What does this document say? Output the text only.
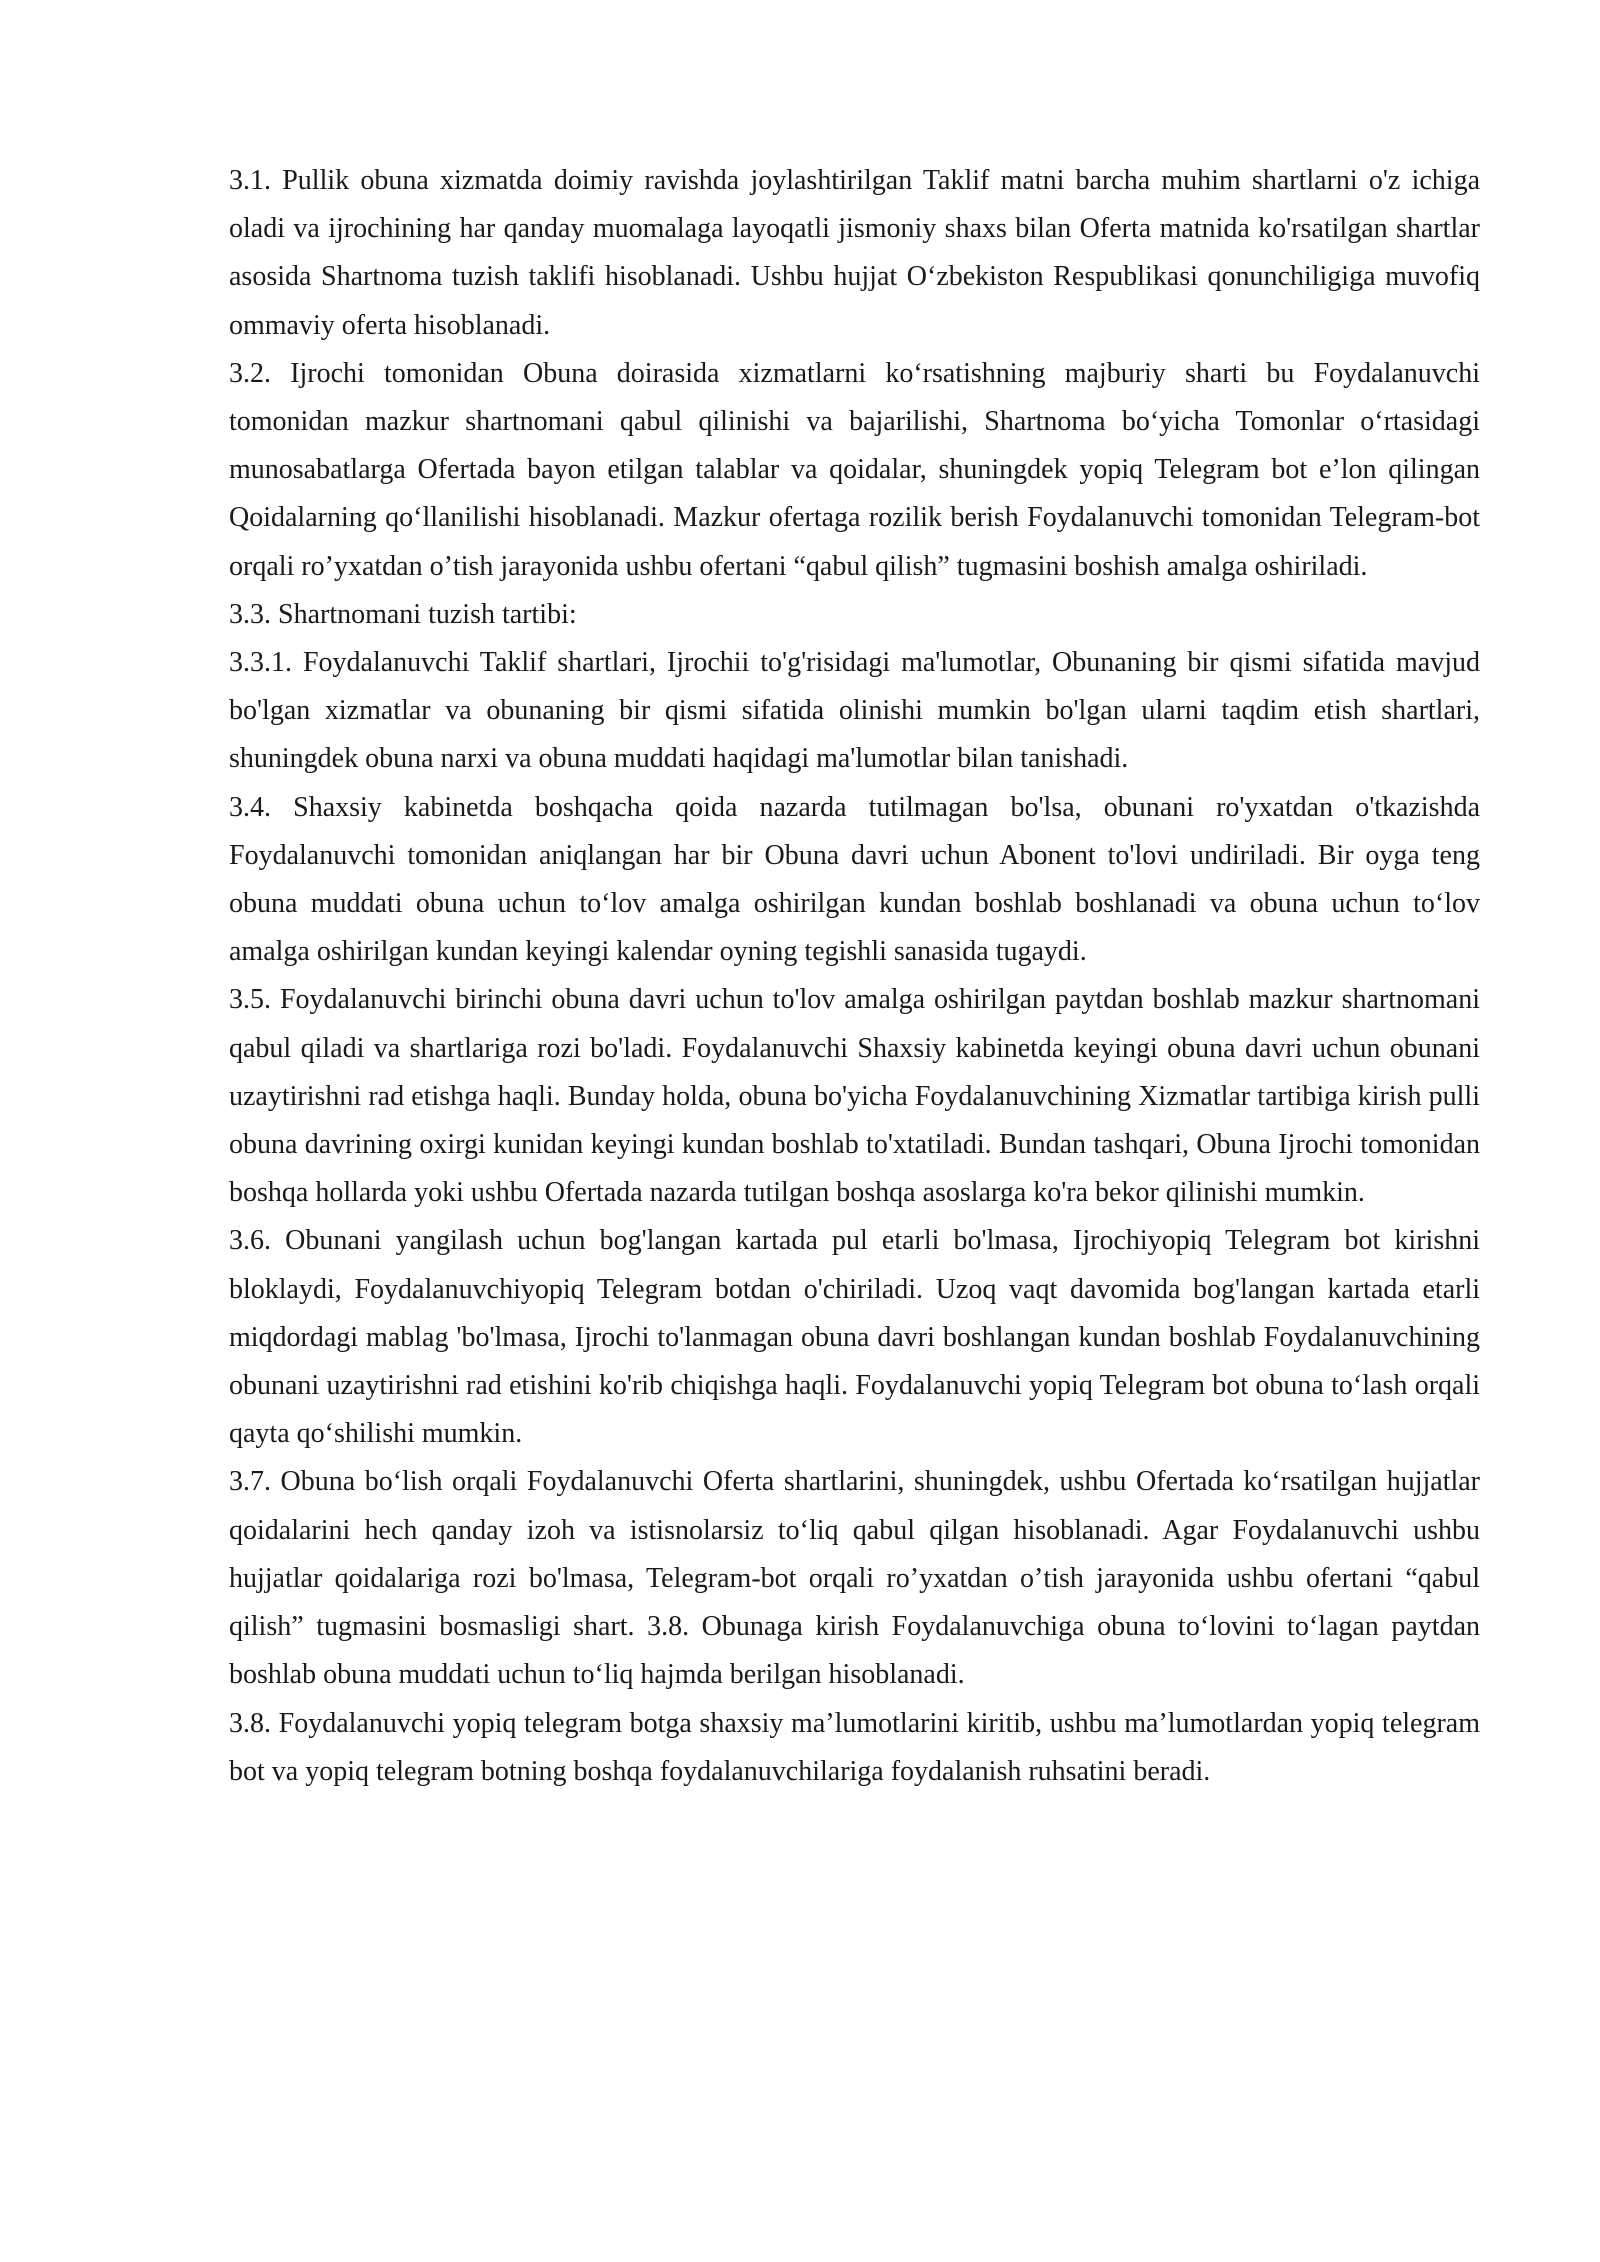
3.1. Pullik obuna xizmatda doimiy ravishda joylashtirilgan Taklif matni barcha muhim shartlarni o'z ichiga oladi va ijrochining har qanday muomalaga layoqatli jismoniy shaxs bilan Oferta matnida ko'rsatilgan shartlar asosida Shartnoma tuzish taklifi hisoblanadi. Ushbu hujjat Oʻzbekiston Respublikasi qonunchiligiga muvofiq ommaviy oferta hisoblanadi.

3.2. Ijrochi tomonidan Obuna doirasida xizmatlarni koʻrsatishning majburiy sharti bu Foydalanuvchi tomonidan mazkur shartnomani qabul qilinishi va bajarilishi, Shartnoma boʻyicha Tomonlar oʻrtasidagi munosabatlarga Ofertada bayon etilgan talablar va qoidalar, shuningdek yopiq Telegram bot eʼlon qilingan Qoidalarning qoʻllanilishi hisoblanadi. Mazkur ofertaga rozilik berish Foydalanuvchi tomonidan Telegram-bot orqali roʼyxatdan oʼtish jarayonida ushbu ofertani “qabul qilish” tugmasini boshish amalga oshiriladi.

3.3. Shartnomani tuzish tartibi:

3.3.1. Foydalanuvchi Taklif shartlari, Ijrochii to'g'risidagi ma'lumotlar, Obunaning bir qismi sifatida mavjud bo'lgan xizmatlar va obunaning bir qismi sifatida olinishi mumkin bo'lgan ularni taqdim etish shartlari, shuningdek obuna narxi va obuna muddati haqidagi ma'lumotlar bilan tanishadi.

3.4. Shaxsiy kabinetda boshqacha qoida nazarda tutilmagan bo'lsa, obunani ro'yxatdan o'tkazishda Foydalanuvchi tomonidan aniqlangan har bir Obuna davri uchun Abonent to'lovi undiriladi. Bir oyga teng obuna muddati obuna uchun toʻlov amalga oshirilgan kundan boshlab boshlanadi va obuna uchun toʻlov amalga oshirilgan kundan keyingi kalendar oyning tegishli sanasida tugaydi.

3.5. Foydalanuvchi birinchi obuna davri uchun to'lov amalga oshirilgan paytdan boshlab mazkur shartnomani qabul qiladi va shartlariga rozi bo'ladi. Foydalanuvchi Shaxsiy kabinetda keyingi obuna davri uchun obunani uzaytirishni rad etishga haqli. Bunday holda, obuna bo'yicha Foydalanuvchining Xizmatlar tartibiga kirish pulli obuna davrining oxirgi kunidan keyingi kundan boshlab to'xtatiladi. Bundan tashqari, Obuna Ijrochi tomonidan boshqa hollarda yoki ushbu Ofertada nazarda tutilgan boshqa asoslarga ko'ra bekor qilinishi mumkin.

3.6. Obunani yangilash uchun bog'langan kartada pul etarli bo'lmasa, Ijrochiyopiq Telegram bot kirishni bloklaydi, Foydalanuvchiyopiq Telegram botdan o'chiriladi. Uzoq vaqt davomida bog'langan kartada etarli miqdordagi mablag 'bo'lmasa, Ijrochi to'lanmagan obuna davri boshlangan kundan boshlab Foydalanuvchining obunani uzaytirishni rad etishini ko'rib chiqishga haqli. Foydalanuvchi yopiq Telegram bot obuna toʻlash orqali qayta qoʻshilishi mumkin.

3.7. Obuna boʻlish orqali Foydalanuvchi Oferta shartlarini, shuningdek, ushbu Ofertada koʻrsatilgan hujjatlar qoidalarini hech qanday izoh va istisnolarsiz toʻliq qabul qilgan hisoblanadi. Agar Foydalanuvchi ushbu hujjatlar qoidalariga rozi bo'lmasa, Telegram-bot orqali roʼyxatdan oʼtish jarayonida ushbu ofertani “qabul qilish” tugmasini bosmasligi shart. 3.8. Obunaga kirish Foydalanuvchiga obuna toʻlovini toʻlagan paytdan boshlab obuna muddati uchun toʻliq hajmda berilgan hisoblanadi.

3.8. Foydalanuvchi yopiq telegram botga shaxsiy maʼlumotlarini kiritib, ushbu maʼlumotlardan yopiq telegram bot va yopiq telegram botning boshqa foydalanuvchilariga foydalanish ruhsatini beradi.
